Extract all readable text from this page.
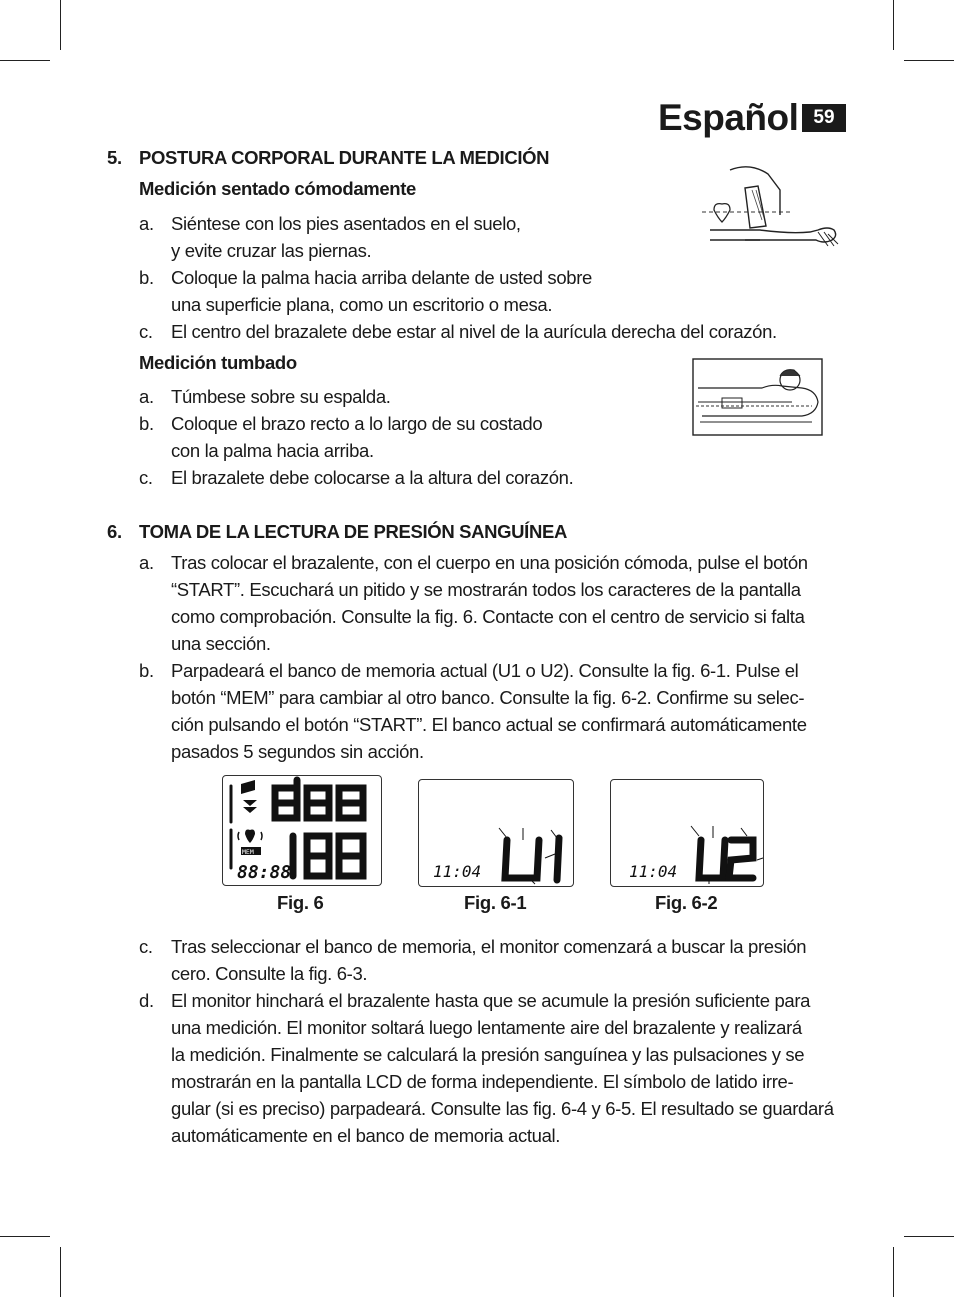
Español 59
5. POSTURA CORPORAL DURANTE LA MEDICIÓN
Medición sentado cómodamente
a. Siéntese con los pies asentados en el suelo,
y evite cruzar las piernas.
b. Coloque la palma hacia arriba delante de usted sobre
una superficie plana, como un escritorio o mesa.
c. El centro del brazalete debe estar al nivel de la aurícula derecha del corazón.
Medición tumbado
a. Túmbese sobre su espalda.
b. Coloque el brazo recto a lo largo de su costado
con la palma hacia arriba.
c. El brazalete debe colocarse a la altura del corazón.
6. TOMA DE LA LECTURA DE PRESIÓN SANGUÍNEA
a. Tras colocar el brazalente, con el cuerpo en una posición cómoda, pulse el botón
“START”. Escuchará un pitido y se mostrarán todos los caracteres de la pantalla
como comprobación. Consulte la fig. 6. Contacte con el centro de servicio si falta
una sección.
b. Parpadeará el banco de memoria actual (U1 o U2). Consulte la fig. 6-1. Pulse el
botón “MEM” para cambiar al otro banco. Consulte la fig. 6-2. Confirme su selec-
ción pulsando el botón “START”. El banco actual se confirmará automáticamente
pasados 5 segundos sin acción.
MEM
88:88	11:04	11:04
Fig. 6	Fig. 6-1	Fig. 6-2
c. Tras seleccionar el banco de memoria, el monitor comenzará a buscar la presión
cero. Consulte la fig. 6-3.
d. El monitor hinchará el brazalente hasta que se acumule la presión suficiente para
una medición. El monitor soltará luego lentamente aire del brazalente y realizará
la medición. Finalmente se calculará la presión sanguínea y las pulsaciones y se
mostrarán en la pantalla LCD de forma independiente. El símbolo de latido irre-
gular (si es preciso) parpadeará. Consulte las fig. 6-4 y 6-5. El resultado se guardará
automáticamente en el banco de memoria actual.
